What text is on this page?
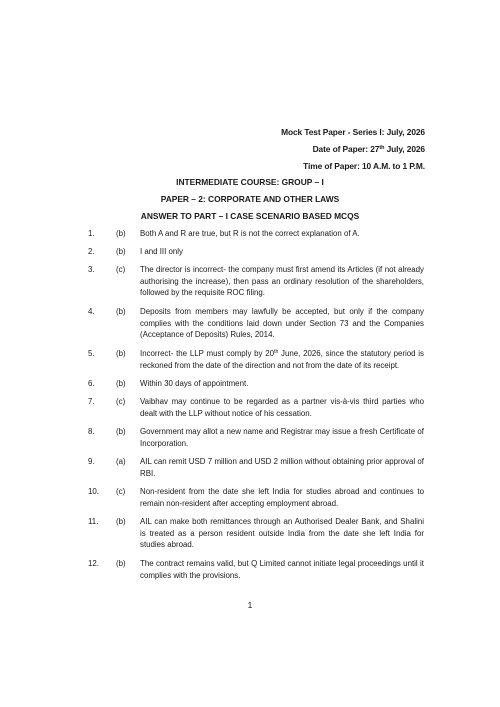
Mock Test Paper - Series I: July, 2026
Date of Paper: 27th July, 2026
Time of Paper: 10 A.M. to 1 P.M.
INTERMEDIATE COURSE: GROUP – I
PAPER – 2: CORPORATE AND OTHER LAWS
ANSWER TO PART – I CASE SCENARIO BASED MCQS
1.	(b) Both A and R are true, but R is not the correct explanation of A.
2.	(b) I and III only
3.	(c) The director is incorrect- the company must first amend its Articles (if not already authorising the increase), then pass an ordinary resolution of the shareholders, followed by the requisite ROC filing.
4.	(b) Deposits from members may lawfully be accepted, but only if the company complies with the conditions laid down under Section 73 and the Companies (Acceptance of Deposits) Rules, 2014.
5.	(b) Incorrect- the LLP must comply by 20th June, 2026, since the statutory period is reckoned from the date of the direction and not from the date of its receipt.
6.	(b) Within 30 days of appointment.
7.	(c) Vaibhav may continue to be regarded as a partner vis-à-vis third parties who dealt with the LLP without notice of his cessation.
8.	(b) Government may allot a new name and Registrar may issue a fresh Certificate of Incorporation.
9.	(a) AIL can remit USD 7 million and USD 2 million without obtaining prior approval of RBI.
10. (c) Non-resident from the date she left India for studies abroad and continues to remain non-resident after accepting employment abroad.
11. (b) AIL can make both remittances through an Authorised Dealer Bank, and Shalini is treated as a person resident outside India from the date she left India for studies abroad.
12. (b) The contract remains valid, but Q Limited cannot initiate legal proceedings until it complies with the provisions.
1
